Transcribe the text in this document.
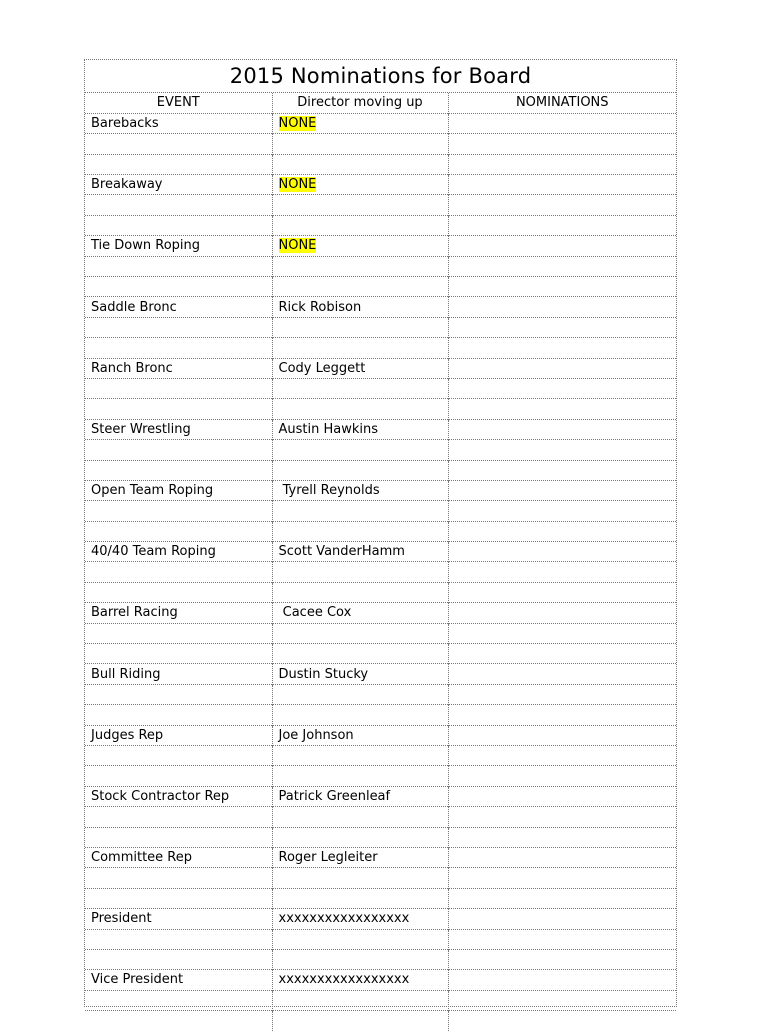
2015 Nominations for Board
EVENT	Director moving up	NOMINATIONS
Barebacks	NONE	

Breakaway	NONE	

Tie Down Roping	NONE	

Saddle Bronc	Rick Robison	

Ranch Bronc	Cody Leggett	

Steer Wrestling	Austin Hawkins	

Open Team Roping	Tyrell Reynolds	

40/40 Team Roping	Scott VanderHamm	

Barrel Racing	Cacee Cox	

Bull Riding	Dustin Stucky	

Judges Rep	Joe Johnson	

Stock Contractor Rep	Patrick Greenleaf	

Committee Rep	Roger Legleiter	

President	xxxxxxxxxxxxxxxxx	

Vice President	xxxxxxxxxxxxxxxxx	
